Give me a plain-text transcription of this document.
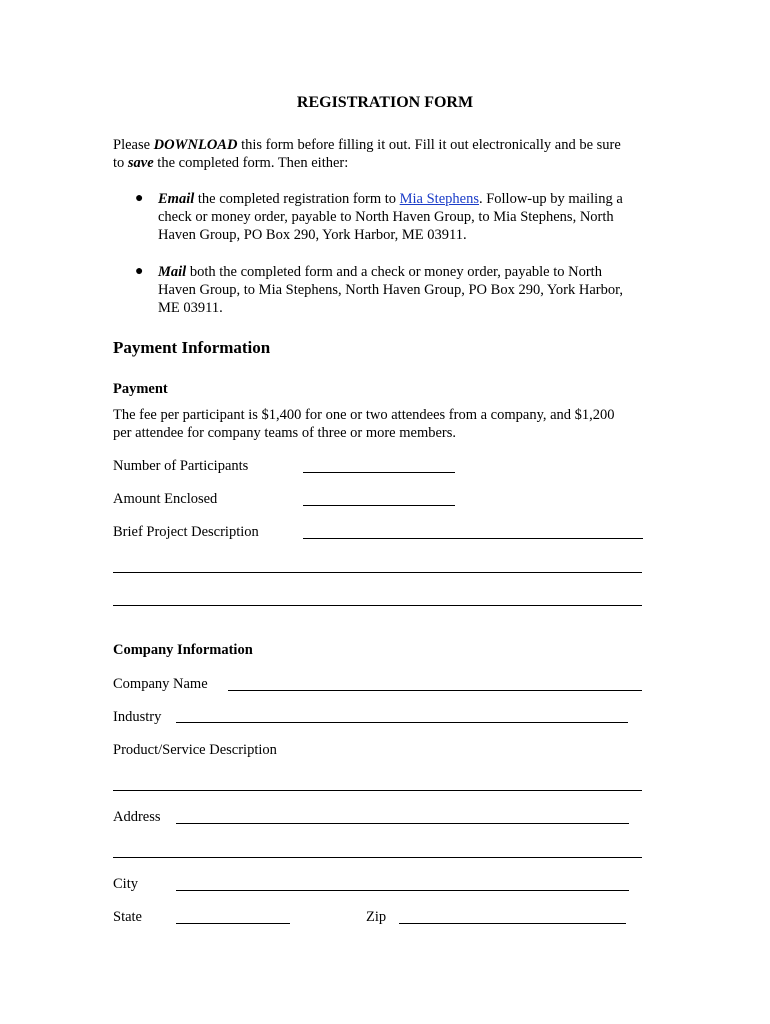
REGISTRATION FORM
Please DOWNLOAD this form before filling it out. Fill it out electronically and be sure
to save the completed form. Then either:
● Email the completed registration form to Mia Stephens. Follow-up by mailing a
check or money order, payable to North Haven Group, to Mia Stephens, North
Haven Group, PO Box 290, York Harbor, ME 03911.
● Mail both the completed form and a check or money order, payable to North
Haven Group, to Mia Stephens, North Haven Group, PO Box 290, York Harbor,
ME 03911.
Payment Information
Payment
The fee per participant is $1,400 for one or two attendees from a company, and $1,200
per attendee for company teams of three or more members.
Number of Participants
Amount Enclosed
Brief Project Description
Company Information
Company Name
Industry
Product/Service Description
Address
City
State	Zip
